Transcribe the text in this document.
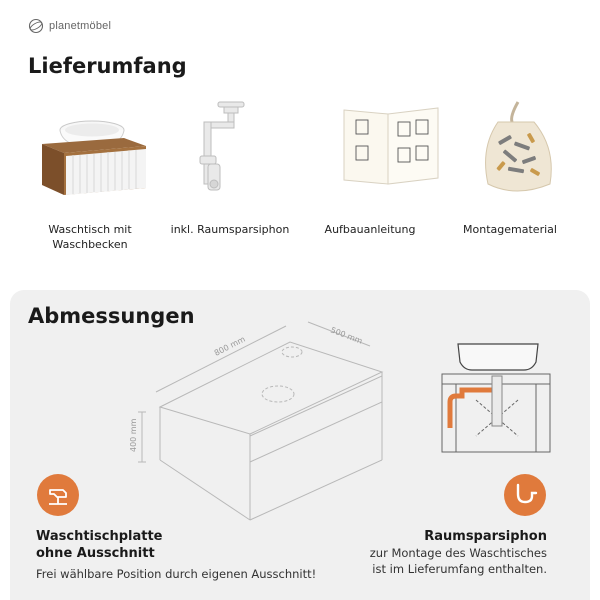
planetmöbel
Lieferumfang
Waschtisch mit
Waschbecken
inkl. Raumsparsiphon	Aufbauanleitung	Montagematerial
Abmessungen
800 mm	500 mm
400 mm
Waschtischplatte
ohne Ausschnitt
Frei wählbare Position durch eigenen Ausschnitt!
Raumsparsiphon
zur Montage des Waschtisches
ist im Lieferumfang enthalten.
